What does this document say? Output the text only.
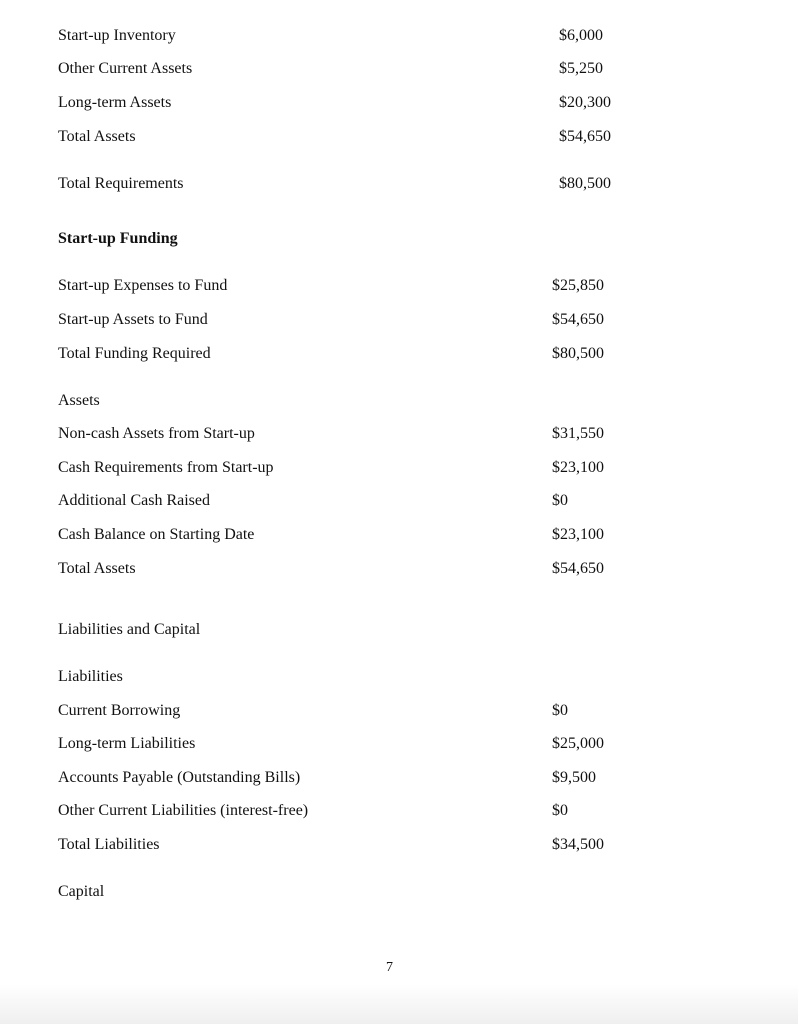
Start-up Inventory	$6,000
Other Current Assets	$5,250
Long-term Assets	$20,300
Total Assets	$54,650
Total Requirements	$80,500
Start-up Funding
Start-up Expenses to Fund	$25,850
Start-up Assets to Fund	$54,650
Total Funding Required	$80,500
Assets
Non-cash Assets from Start-up	$31,550
Cash Requirements from Start-up	$23,100
Additional Cash Raised	$0
Cash Balance on Starting Date	$23,100
Total Assets	$54,650
Liabilities and Capital
Liabilities
Current Borrowing	$0
Long-term Liabilities	$25,000
Accounts Payable (Outstanding Bills)	$9,500
Other Current Liabilities (interest-free)	$0
Total Liabilities	$34,500
Capital
7
